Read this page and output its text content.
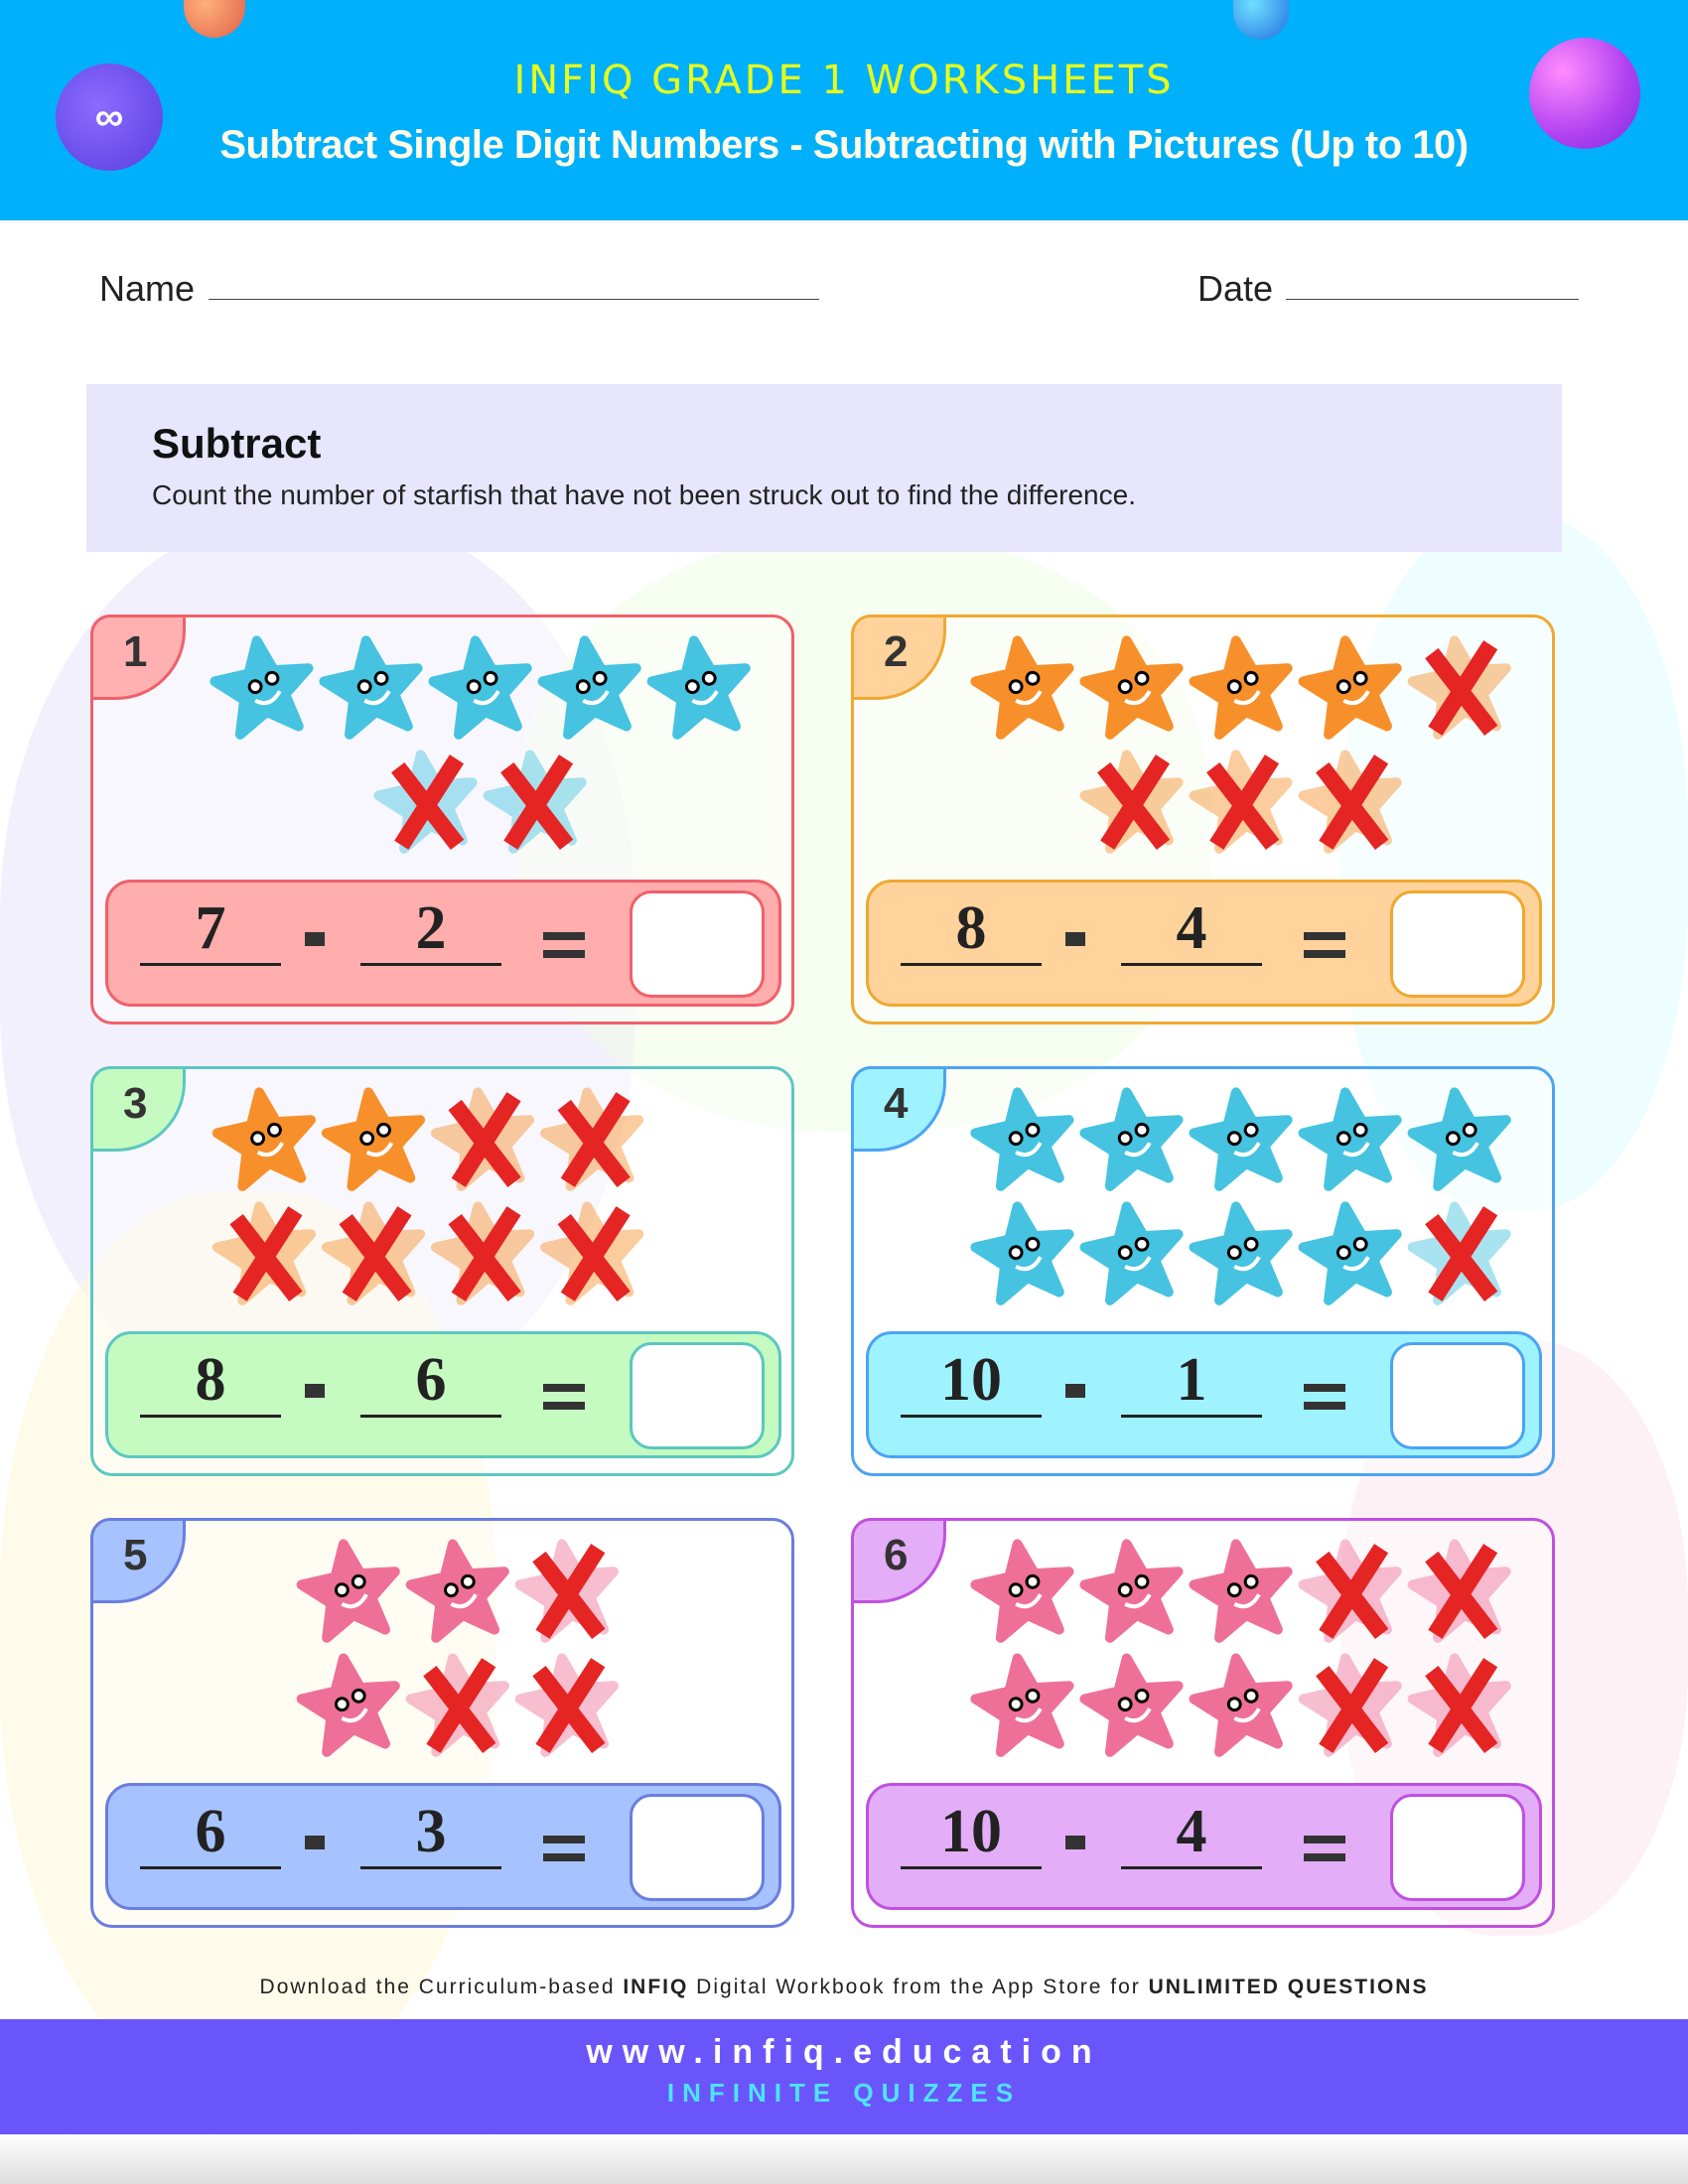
∞
INFIQ GRADE 1 WORKSHEETS
Subtract Single Digit Numbers - Subtracting with Pictures (Up to 10)
Name	Date
Subtract

Count the number of starfish that have not been struck out to find the difference.

1
7	2
2
8	4
3
8	6
4
10	1
5
6	3
6
10	4
Download the Curriculum-based INFIQ Digital Workbook from the App Store for UNLIMITED QUESTIONS
www.infiq.education
INFINITE QUIZZES
